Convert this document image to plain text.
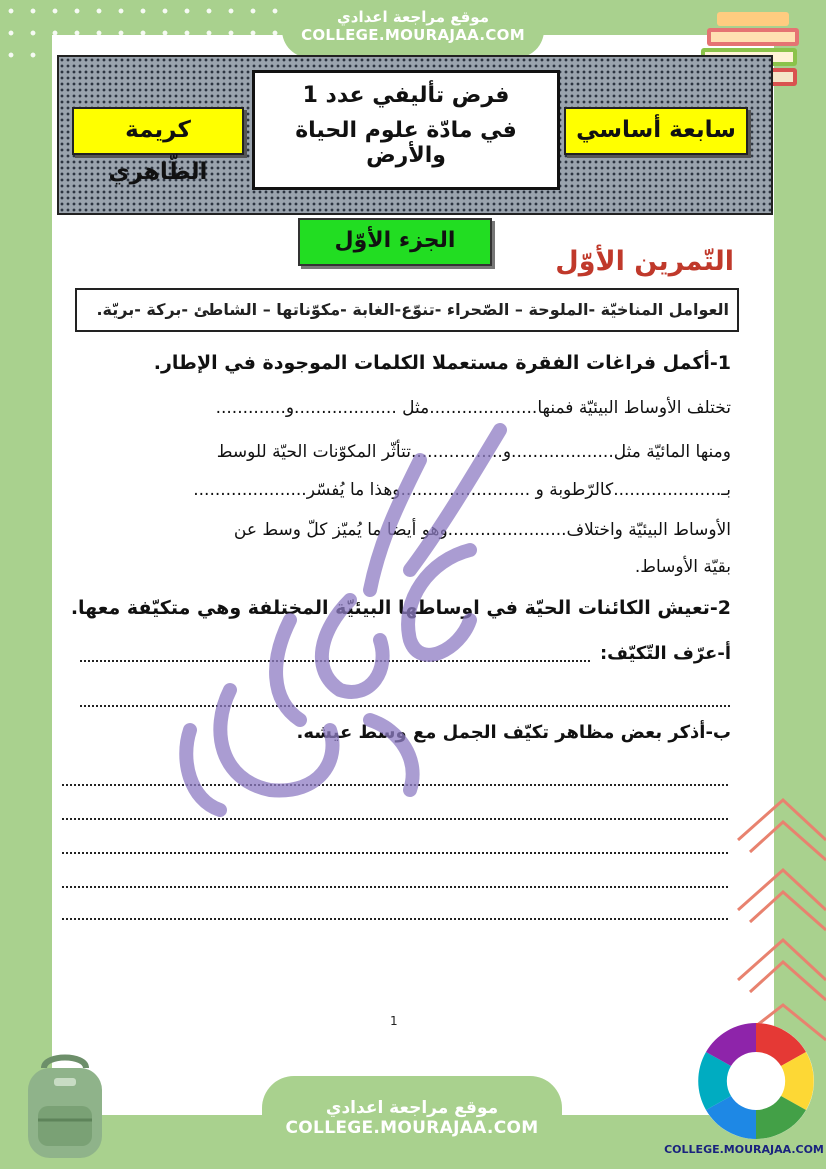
موقع مراجعة اعدادي
COLLEGE.MOURAJAA.COM
كريمة الظّاهري
سابعة أساسي
فرض تأليفي عدد 1
في مادّة علوم الحياة والأرض
الجزء الأوّل
التّمرين الأوّل
العوامل المناخيّة -الملوحة – الصّحراء -تنوّع-الغابة -مكوّناتها – الشاطئ -بركة -بريّة.
1-أكمل فراغات الفقرة مستعملا الكلمات الموجودة في الإطار.
تختلف الأوساط البيئيّة فمنها....................مثل ...................و.............
ومنها المائيّة مثل...................و.................تتأثّر المكوّنات الحيّة للوسط
بـ....................كالرّطوبة و ........................وهذا ما يُفسّر.....................
الأوساط البيئيّة واختلاف......................وهو أيضا ما يُميّز كلّ وسط عن
بقيّة الأوساط.
2-تعيش الكائنات الحيّة في اوساطها البيئيّة المختلفة وهي متكيّفة معها.
أ-عرّف التّكيّف:
ب-أذكر بعض مظاهر تكيّف الجمل مع وسط عيشه.
1
COLLEGE.MOURAJAA.COM
موقع مراجعة اعدادي
COLLEGE.MOURAJAA.COM
